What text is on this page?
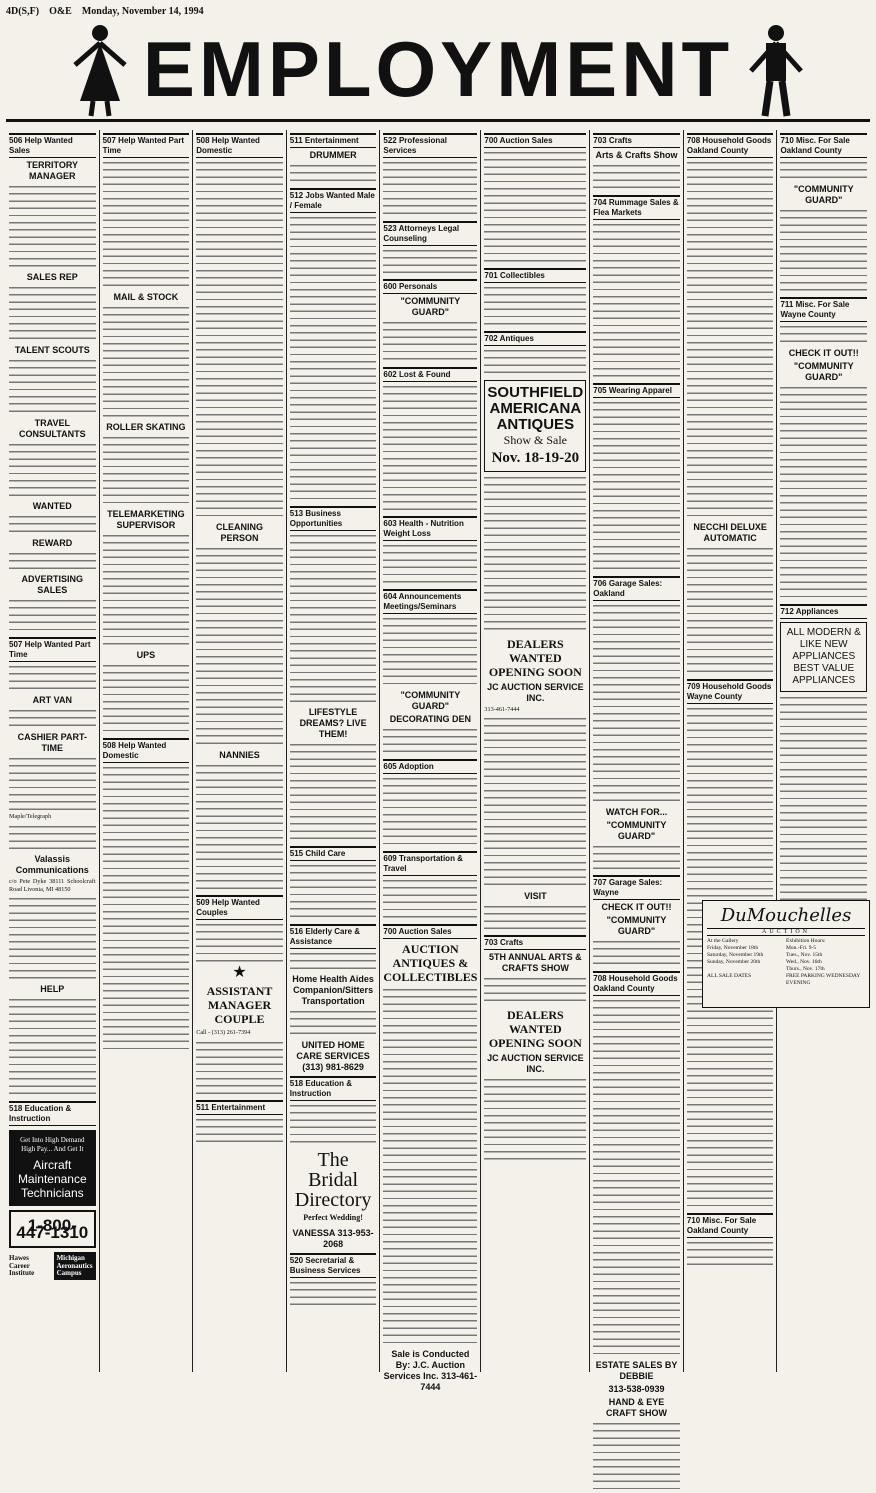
4D(S,F) O&E Monday, November 14, 1994
EMPLOYMENT
506 Help Wanted Sales
TERRITORY MANAGER
SALES REP
TALENT SCOUTS
TRAVEL CONSULTANTS
WANTED
REWARD
ADVERTISING SALES
507 Help Wanted Part Time
ART VAN
CASHIER PART-TIME
Maple/Telegraph
Valassis Communications
c/o Pete Dyke 38111 Schoolcraft Road Livonia, MI 48150
HELP
518 Education & Instruction
Get Into High Demand High Pay... And Get It
Aircraft Maintenance Technicians
1-800-447-1310
Hawes Career Institute
Michigan Aeronautics Campus
507 Help Wanted Part Time
MAIL & STOCK
ROLLER SKATING
TELEMARKETING SUPERVISOR
UPS
508 Help Wanted Domestic
508 Help Wanted Domestic
CLEANING PERSON
NANNIES
509 Help Wanted Couples
★
ASSISTANT MANAGER COUPLE
Call - (313) 261-7394
511 Entertainment
511 Entertainment
DRUMMER
512 Jobs Wanted Male / Female
513 Business Opportunities
LIFESTYLE DREAMS? LIVE THEM!
515 Child Care
516 Elderly Care & Assistance
Home Health Aides Companion/Sitters Transportation
UNITED HOME CARE SERVICES (313) 981-8629
518 Education & Instruction
The Bridal Directory
Perfect Wedding!
VANESSA 313-953-2068
520 Secretarial & Business Services
522 Professional Services
523 Attorneys Legal Counseling
600 Personals
"COMMUNITY GUARD"
602 Lost & Found
603 Health - Nutrition Weight Loss
604 Announcements Meetings/Seminars
"COMMUNITY GUARD"
DECORATING DEN
605 Adoption
609 Transportation & Travel
700 Auction Sales
AUCTION ANTIQUES & COLLECTIBLES
Sale is Conducted By: J.C. Auction Services Inc. 313-461-7444
700 Auction Sales
701 Collectibles
702 Antiques
SOUTHFIELD AMERICANA ANTIQUES
Show & Sale
Nov. 18-19-20
DEALERS WANTED OPENING SOON
JC AUCTION SERVICE INC.
313-461-7444
VISIT
703 Crafts
5TH ANNUAL ARTS & CRAFTS SHOW
DEALERS WANTED OPENING SOON
JC AUCTION SERVICE INC.
703 Crafts
Arts & Crafts Show
704 Rummage Sales & Flea Markets
705 Wearing Apparel
706 Garage Sales: Oakland
WATCH FOR...
"COMMUNITY GUARD"
707 Garage Sales: Wayne
CHECK IT OUT!!
"COMMUNITY GUARD"
708 Household Goods Oakland County
ESTATE SALES BY DEBBIE
313-538-0939
HAND & EYE CRAFT SHOW
708 Household Goods Oakland County
NECCHI DELUXE AUTOMATIC
709 Household Goods Wayne County
710 Misc. For Sale Oakland County
710 Misc. For Sale Oakland County
"COMMUNITY GUARD"
711 Misc. For Sale Wayne County
CHECK IT OUT!!
"COMMUNITY GUARD"
712 Appliances
ALL MODERN & LIKE NEW APPLIANCES
BEST VALUE APPLIANCES
DuMouchelles
AUCTION
At the Gallery	Exhibition Hours:
Friday, November 18th	Mon.-Fri. 9-5
Saturday, November 19th	Tues., Nov. 15th
Sunday, November 20th	Wed., Nov. 16th
Thurs., Nov. 17th
ALL SALE DATES	FREE PARKING WEDNESDAY EVENING
